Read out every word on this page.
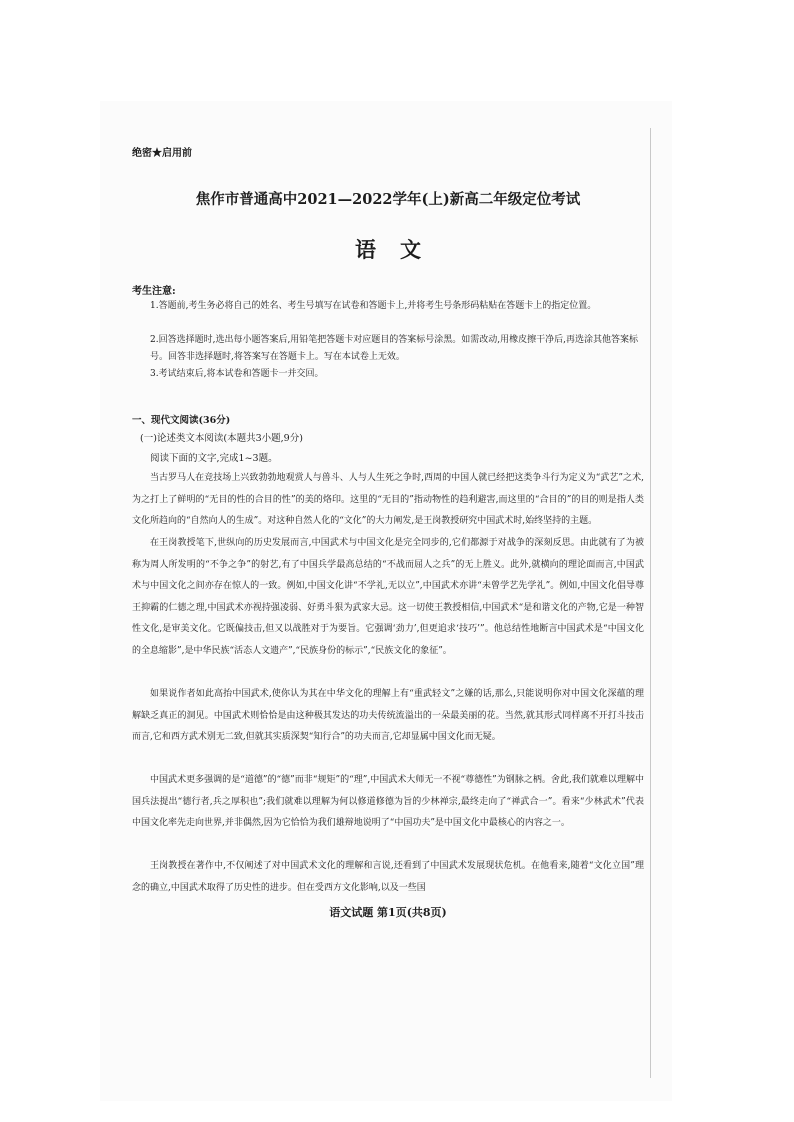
绝密★启用前
焦作市普通高中2021—2022学年(上)新高二年级定位考试
语文
考生注意:

1.答题前,考生务必将自己的姓名、考生号填写在试卷和答题卡上,并将考生号条形码粘贴在答题卡上的指定位置。

2.回答选择题时,选出每小题答案后,用铅笔把答题卡对应题目的答案标号涂黑。如需改动,用橡皮擦干净后,再选涂其他答案标号。回答非选择题时,将答案写在答题卡上。写在本试卷上无效。

3.考试结束后,将本试卷和答题卡一并交回。

一、现代文阅读(36分)
(一)论述类文本阅读(本题共3小题,9分)
阅读下面的文字,完成1~3题。

当古罗马人在竞技场上兴致勃勃地观赏人与兽斗、人与人生死之争时,西周的中国人就已经把这类争斗行为定义为“武艺”之术,为之打上了鲜明的“无目的性的合目的性”的美的烙印。这里的“无目的”指动物性的趋利避害,而这里的“合目的”的目的则是指人类文化所趋向的“自然向人的生成”。对这种自然人化的“文化”的大力阐发,是王岗教授研究中国武术时,始终坚持的主题。

在王岗教授笔下,世纵向的历史发展而言,中国武术与中国文化是完全同步的,它们都源于对战争的深刻反思。由此就有了为被称为周人所发明的“不争之争”的射艺,有了中国兵学最高总结的“不战而屈人之兵”的无上胜义。此外,就横向的理论面而言,中国武术与中国文化之间亦存在惊人的一致。例如,中国文化讲“不学礼,无以立”,中国武术亦讲“未曾学艺先学礼”。例如,中国文化倡导尊王抑霸的仁德之理,中国武术亦视持强凌弱、好勇斗狠为武家大忌。这一切使王教授相信,中国武术“是和谐文化的产物,它是一种智性文化,是审美文化。它既偏技击,但又以战胜对于为要旨。它强调‘劲力’,但更追求‘技巧’”。他总结性地断言中国武术是“中国文化的全息缩影”,是中华民族“活态人文遗产”,“民族身份的标示”,“民族文化的象征”。

如果说作者如此高抬中国武术,使你认为其在中华文化的理解上有“重武轻文”之嫌的话,那么,只能说明你对中国文化深蕴的理解缺乏真正的洞见。中国武术则恰恰是由这种极其发达的功夫传统流溢出的一朵最美丽的花。当然,就其形式同样离不开打斗技击而言,它和西方武术别无二致,但就其实质深契“知行合”的功夫而言,它却显属中国文化而无疑。

中国武术更多强调的是“道德”的“德”而非“规矩”的“理”,中国武术大师无一不视“尊德性”为钢脉之柄。舍此,我们就难以理解中国兵法提出“德行者,兵之厚积也”;我们就难以理解为何以修道修德为旨的少林禅宗,最终走向了“禅武合一”。看来“少林武术”代表中国文化率先走向世界,并非偶然,因为它恰恰为我们雄辩地说明了“中国功夫”是中国文化中最核心的内容之一。

王岗教授在著作中,不仅阐述了对中国武术文化的理解和言说,还看到了中国武术发展现状危机。在他看来,随着“文化立国”理念的确立,中国武术取得了历史性的进步。但在受西方文化影响,以及一些国

语文试题 第1页(共8页)
